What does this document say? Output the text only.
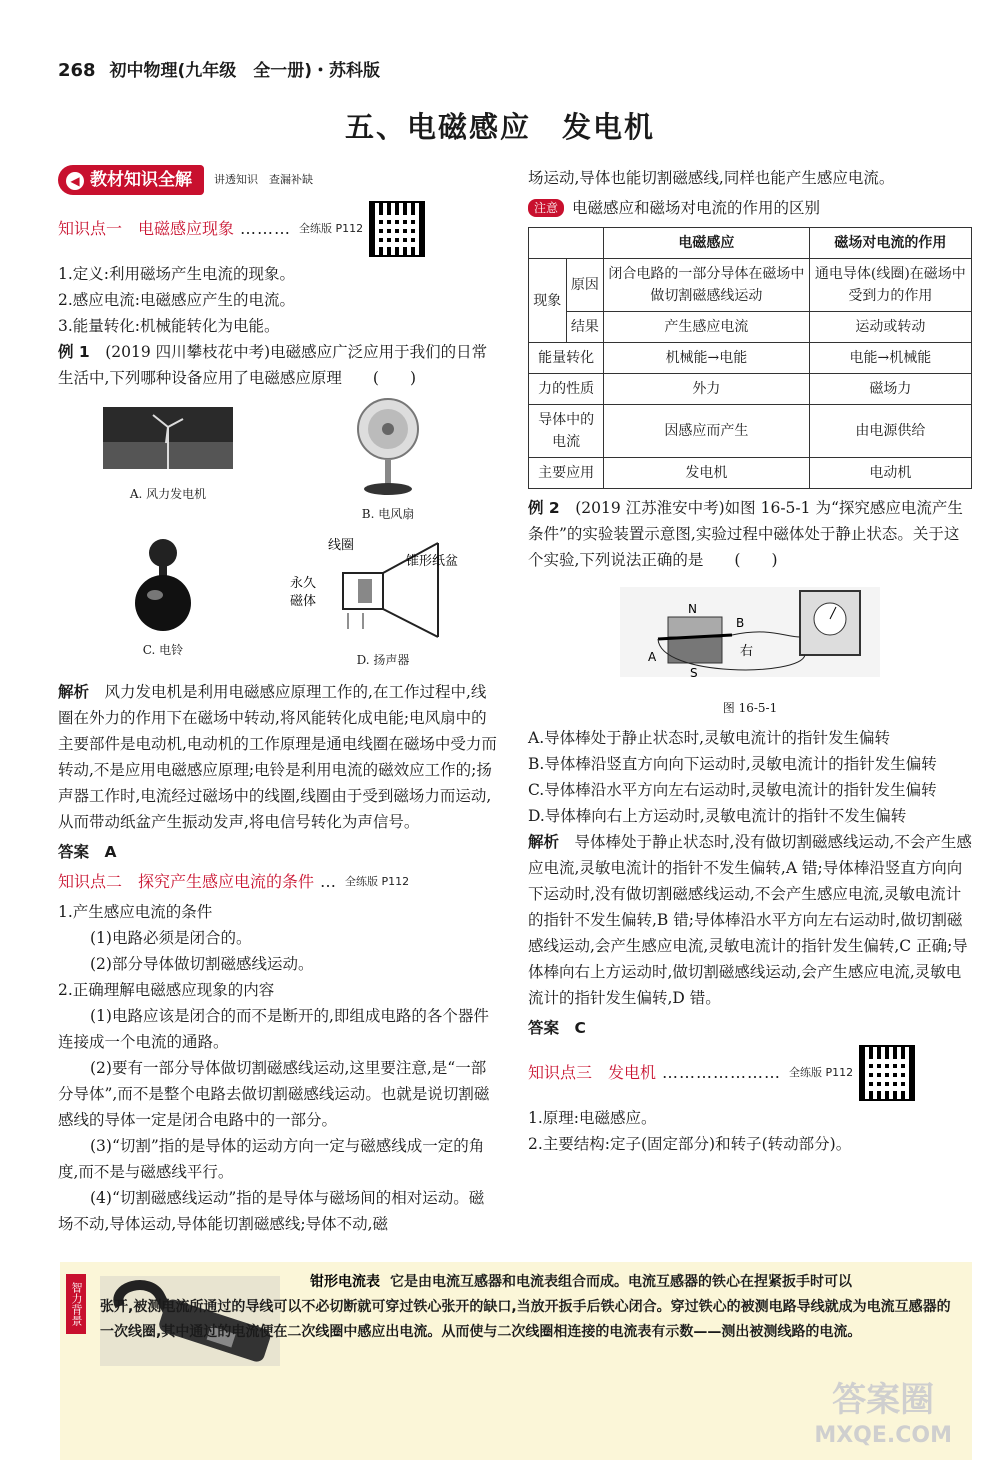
268 初中物理(九年级　全一册)・苏科版
五、电磁感应　发电机
◀ 教材知识全解	讲透知识　查漏补缺
知识点一　电磁感应现象 ……… 全练版 P112

1.定义:利用磁场产生电流的现象。

2.感应电流:电磁感应产生的电流。

3.能量转化:机械能转化为电能。

例 1　 (2019 四川攀枝花中考)电磁感应广泛应用于我们的日常生活中,下列哪种设备应用了电磁感应原理　　(　　)

A. 风力发电机
B. 电风扇
C. 电铃
线圈
锥形纸盆
永久
磁体
D. 扬声器

解析　 风力发电机是利用电磁感应原理工作的,在工作过程中,线圈在外力的作用下在磁场中转动,将风能转化成电能;电风扇中的主要部件是电动机,电动机的工作原理是通电线圈在磁场中受力而转动,不是应用电磁感应原理;电铃是利用电流的磁效应工作的;扬声器工作时,电流经过磁场中的线圈,线圈由于受到磁场力而运动,从而带动纸盆产生振动发声,将电信号转化为声信号。

答案　A

知识点二　探究产生感应电流的条件 … 全练版 P112

1.产生感应电流的条件

(1)电路必须是闭合的。

(2)部分导体做切割磁感线运动。

2.正确理解电磁感应现象的内容

(1)电路应该是闭合的而不是断开的,即组成电路的各个器件连接成一个电流的通路。

(2)要有一部分导体做切割磁感线运动,这里要注意,是“一部分导体”,而不是整个电路去做切割磁感线运动。也就是说切割磁感线的导体一定是闭合电路中的一部分。

(3)“切割”指的是导体的运动方向一定与磁感线成一定的角度,而不是与磁感线平行。

(4)“切割磁感线运动”指的是导体与磁场间的相对运动。磁场不动,导体运动,导体能切割磁感线;导体不动,磁

场运动,导体也能切割磁感线,同样也能产生感应电流。

注意 电磁感应和磁场对电流的作用的区别
		电磁感应	磁场对电流的作用
现象	原因	闭合电路的一部分导体在磁场中做切割磁感线运动	通电导体(线圈)在磁场中受到力的作用
	结果	产生感应电流	运动或转动
能量转化		机械能→电能	电能→机械能
力的性质		外力	磁场力
导体中的电流		因感应而产生	由电源供给
主要应用		发电机	电动机

例 2　 (2019 江苏淮安中考)如图 16-5-1 为“探究感应电流产生条件”的实验装置示意图,实验过程中磁体处于静止状态。关于这个实验,下列说法正确的是　　(　　)

N
S
A
B
右
图 16-5-1

A.导体棒处于静止状态时,灵敏电流计的指针发生偏转

B.导体棒沿竖直方向向下运动时,灵敏电流计的指针发生偏转

C.导体棒沿水平方向左右运动时,灵敏电流计的指针发生偏转

D.导体棒向右上方运动时,灵敏电流计的指针不发生偏转

解析　 导体棒处于静止状态时,没有做切割磁感线运动,不会产生感应电流,灵敏电流计的指针不发生偏转,A 错;导体棒沿竖直方向向下运动时,没有做切割磁感线运动,不会产生感应电流,灵敏电流计的指针不发生偏转,B 错;导体棒沿水平方向左右运动时,做切割磁感线运动,会产生感应电流,灵敏电流计的指针发生偏转,C 正确;导体棒向右上方运动时,做切割磁感线运动,会产生感应电流,灵敏电流计的指针发生偏转,D 错。

答案　C

知识点三　发电机 ………………… 全练版 P112

1.原理:电磁感应。

2.主要结构:定子(固定部分)和转子(转动部分)。

智力背景	钳形电流表 它是由电流互感器和电流表组合而成。电流互感器的铁心在捏紧扳手时可以
张开,被测电流所通过的导线可以不必切断就可穿过铁心张开的缺口,当放开扳手后铁心闭合。穿过铁心的被测电路导线就成为电流互感器的一次线圈,其中通过的电流便在二次线圈中感应出电流。从而使与二次线圈相连接的电流表有示数——测出被测线路的电流。
答案圈
MXQE.COM
